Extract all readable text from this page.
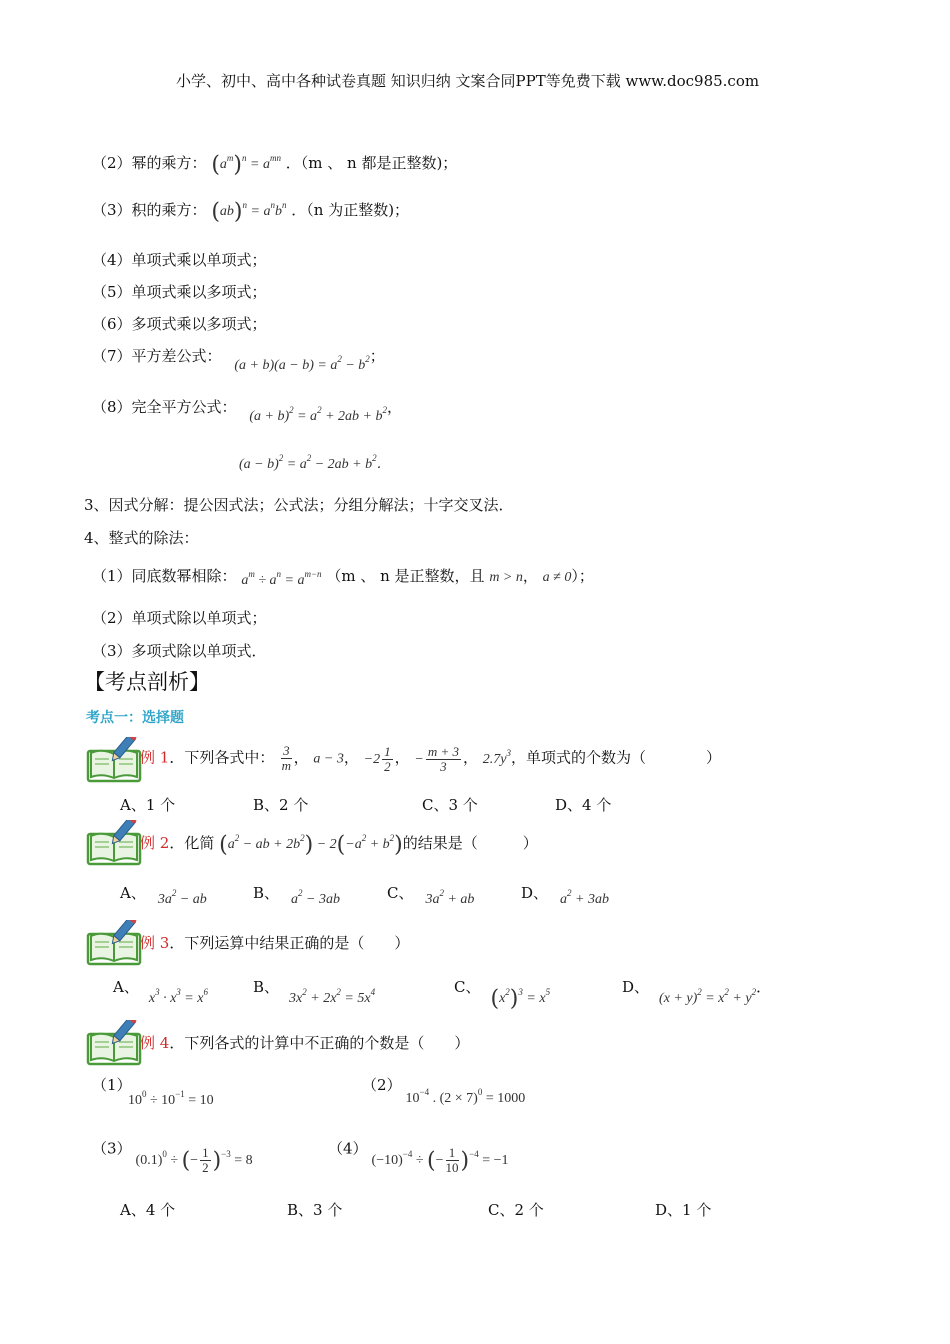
小学、初中、高中各种试卷真题 知识归纳 文案合同PPT等免费下载 www.doc985.com
（2）幂的乘方： $(a^m)^n = a^{mn}$ ．（m 、 n 都是正整数)；
（3）积的乘方： $(ab)^n = a^nb^n$ ．（n 为正整数)；
（4）单项式乘以单项式；
（5）单项式乘以多项式；
（6）多项式乘以多项式；
（7）平方差公式： $(a + b)(a - b) = a^2 - b^2$；
（8）完全平方公式： $(a + b)^2 = a^2 + 2ab + b^2$，
$(a - b)^2 = a^2 - 2ab + b^2$．
3、因式分解：提公因式法；公式法；分组分解法；十字交叉法．
4、整式的除法：
（1）同底数幂相除： $a^m \div a^n = a^{m-n}$ （m 、 n 是正整数，且 m > n， a ≠ 0）；
（2）单项式除以单项式；
（3）多项式除以单项式．
【考点剖析】
考点一：选择题
例 1．下列各式中： $\frac{3}{m}$ ， a − 3， $-2 \frac{1}{2}$ ， − $\frac{m + 3}{3}$ ， $2.7y^3$，单项式的个数为（　　　　）
A、1 个	B、2 个	C、3 个	D、4 个
例 2．化简 ($a^2$ − ab + $2b^2) - 2(-a^2 + b^2)$的结果是（　　　）
A、 $3a^2$ − ab	B、 $a^2 - 3ab$	C、 $3a^2$ + ab	D、 $a^2 + 3ab$
例 3．下列运算中结果正确的是（　　）
A、$x^3 \cdot x^3 = x^6$	B、$3x^2 + 2x^2 = 5x^4$	C、 $(x^2)^3 = x^5$	D、$(x + y)^2 = x^2 + y^2$．
例 4．下列各式的计算中不正确的个数是（　　）
（1）
$10^0 \div 10^{-1} = 10$
$(2)10^{-4}$ . $(2 \times 7)^0 = 1000$
$(3)(0.1)^0$ ÷ (− $\frac{1}{2} )^{-3} = 8$
$(4)(-10)^{-4}$ ÷ (− $\frac{1}{10} )^{-4} = -1$
A、4 个	B、3 个	C、2 个	D、1 个
